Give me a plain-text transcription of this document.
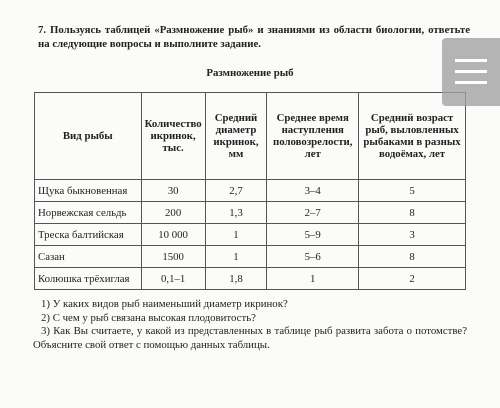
7. Пользуясь таблицей «Размножение рыб» и знаниями из области биологии, ответьте на следующие вопросы и выполните задание.
Размножение рыб
Вид рыбы	Количество икринок, тыс.	Средний диаметр икринок, мм	Среднее время наступления половозрелости, лет	Средний возраст рыб, выловленных рыбаками в разных водоёмах, лет
Щука быкновенная	30	2,7	3–4	5
Норвежская сельдь	200	1,3	2–7	8
Треска балтийская	10 000	1	5–9	3
Сазан	1500	1	5–6	8
Колюшка трёхиглая	0,1–1	1,8	1	2

1) У каких видов рыб наименьший диаметр икринок?

2) С чем у рыб связана высокая плодовитость?

3) Как Вы считаете, у какой из представленных в таблице рыб развита забота о потомстве? Объясните свой ответ с помощью данных таблицы.
